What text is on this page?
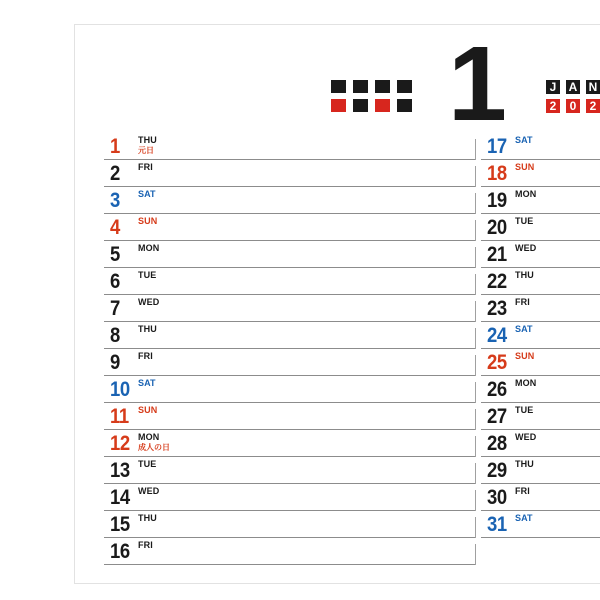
1	J	A N
2	0	2
1	THU
元日
2	FRI
3	SAT
4	SUN
5	MON
6	TUE
7	WED
8	THU
9	FRI
10 SAT
11	SUN
12 MON
成人の日
13 TUE
14 WED
15 THU
16 FRI
17 SAT
18 SUN
19 MON
20 TUE
21 WED
22 THU
23 FRI
24 SAT
25 SUN
26 MON
27 TUE
28 WED
29 THU
30 FRI
31 SAT
